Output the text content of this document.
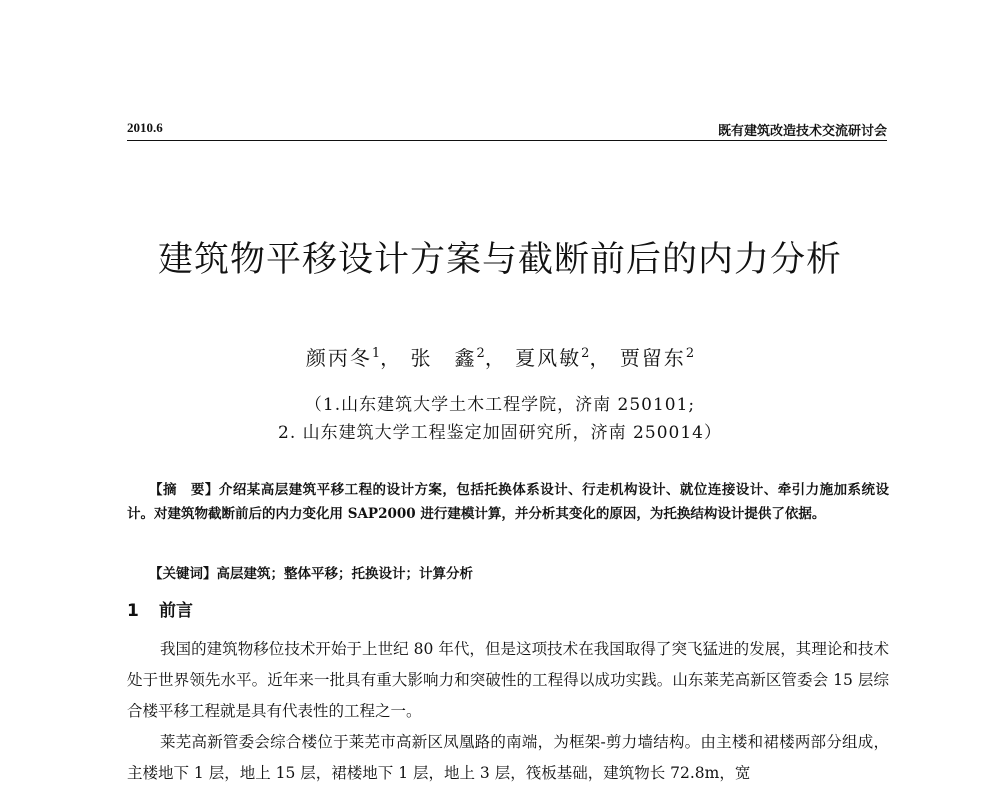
2010.6	既有建筑改造技术交流研讨会
建筑物平移设计方案与截断前后的内力分析
颜丙冬$^1$， 张　鑫$^2$， 夏风敏$^2$， 贾留东$^2$
（1.山东建筑大学土木工程学院，济南 250101;
2. 山东建筑大学工程鉴定加固研究所，济南 250014）
【摘　要】介绍某高层建筑平移工程的设计方案，包括托换体系设计、行走机构设计、就位连接设计、牵引力施加系统设计。对建筑物截断前后的内力变化用 SAP2000 进行建模计算，并分析其变化的原因，为托换结构设计提供了依据。
【关键词】高层建筑；整体平移；托换设计；计算分析
1 前言

我国的建筑物移位技术开始于上世纪 80 年代，但是这项技术在我国取得了突飞猛进的发展，其理论和技术处于世界领先水平。近年来一批具有重大影响力和突破性的工程得以成功实践。山东莱芜高新区管委会 15 层综合楼平移工程就是具有代表性的工程之一。

莱芜高新管委会综合楼位于莱芜市高新区凤凰路的南端，为框架-剪力墙结构。由主楼和裙楼两部分组成，主楼地下 1 层，地上 15 层，裙楼地下 1 层，地上 3 层，筏板基础，建筑物长 72.8m，宽
